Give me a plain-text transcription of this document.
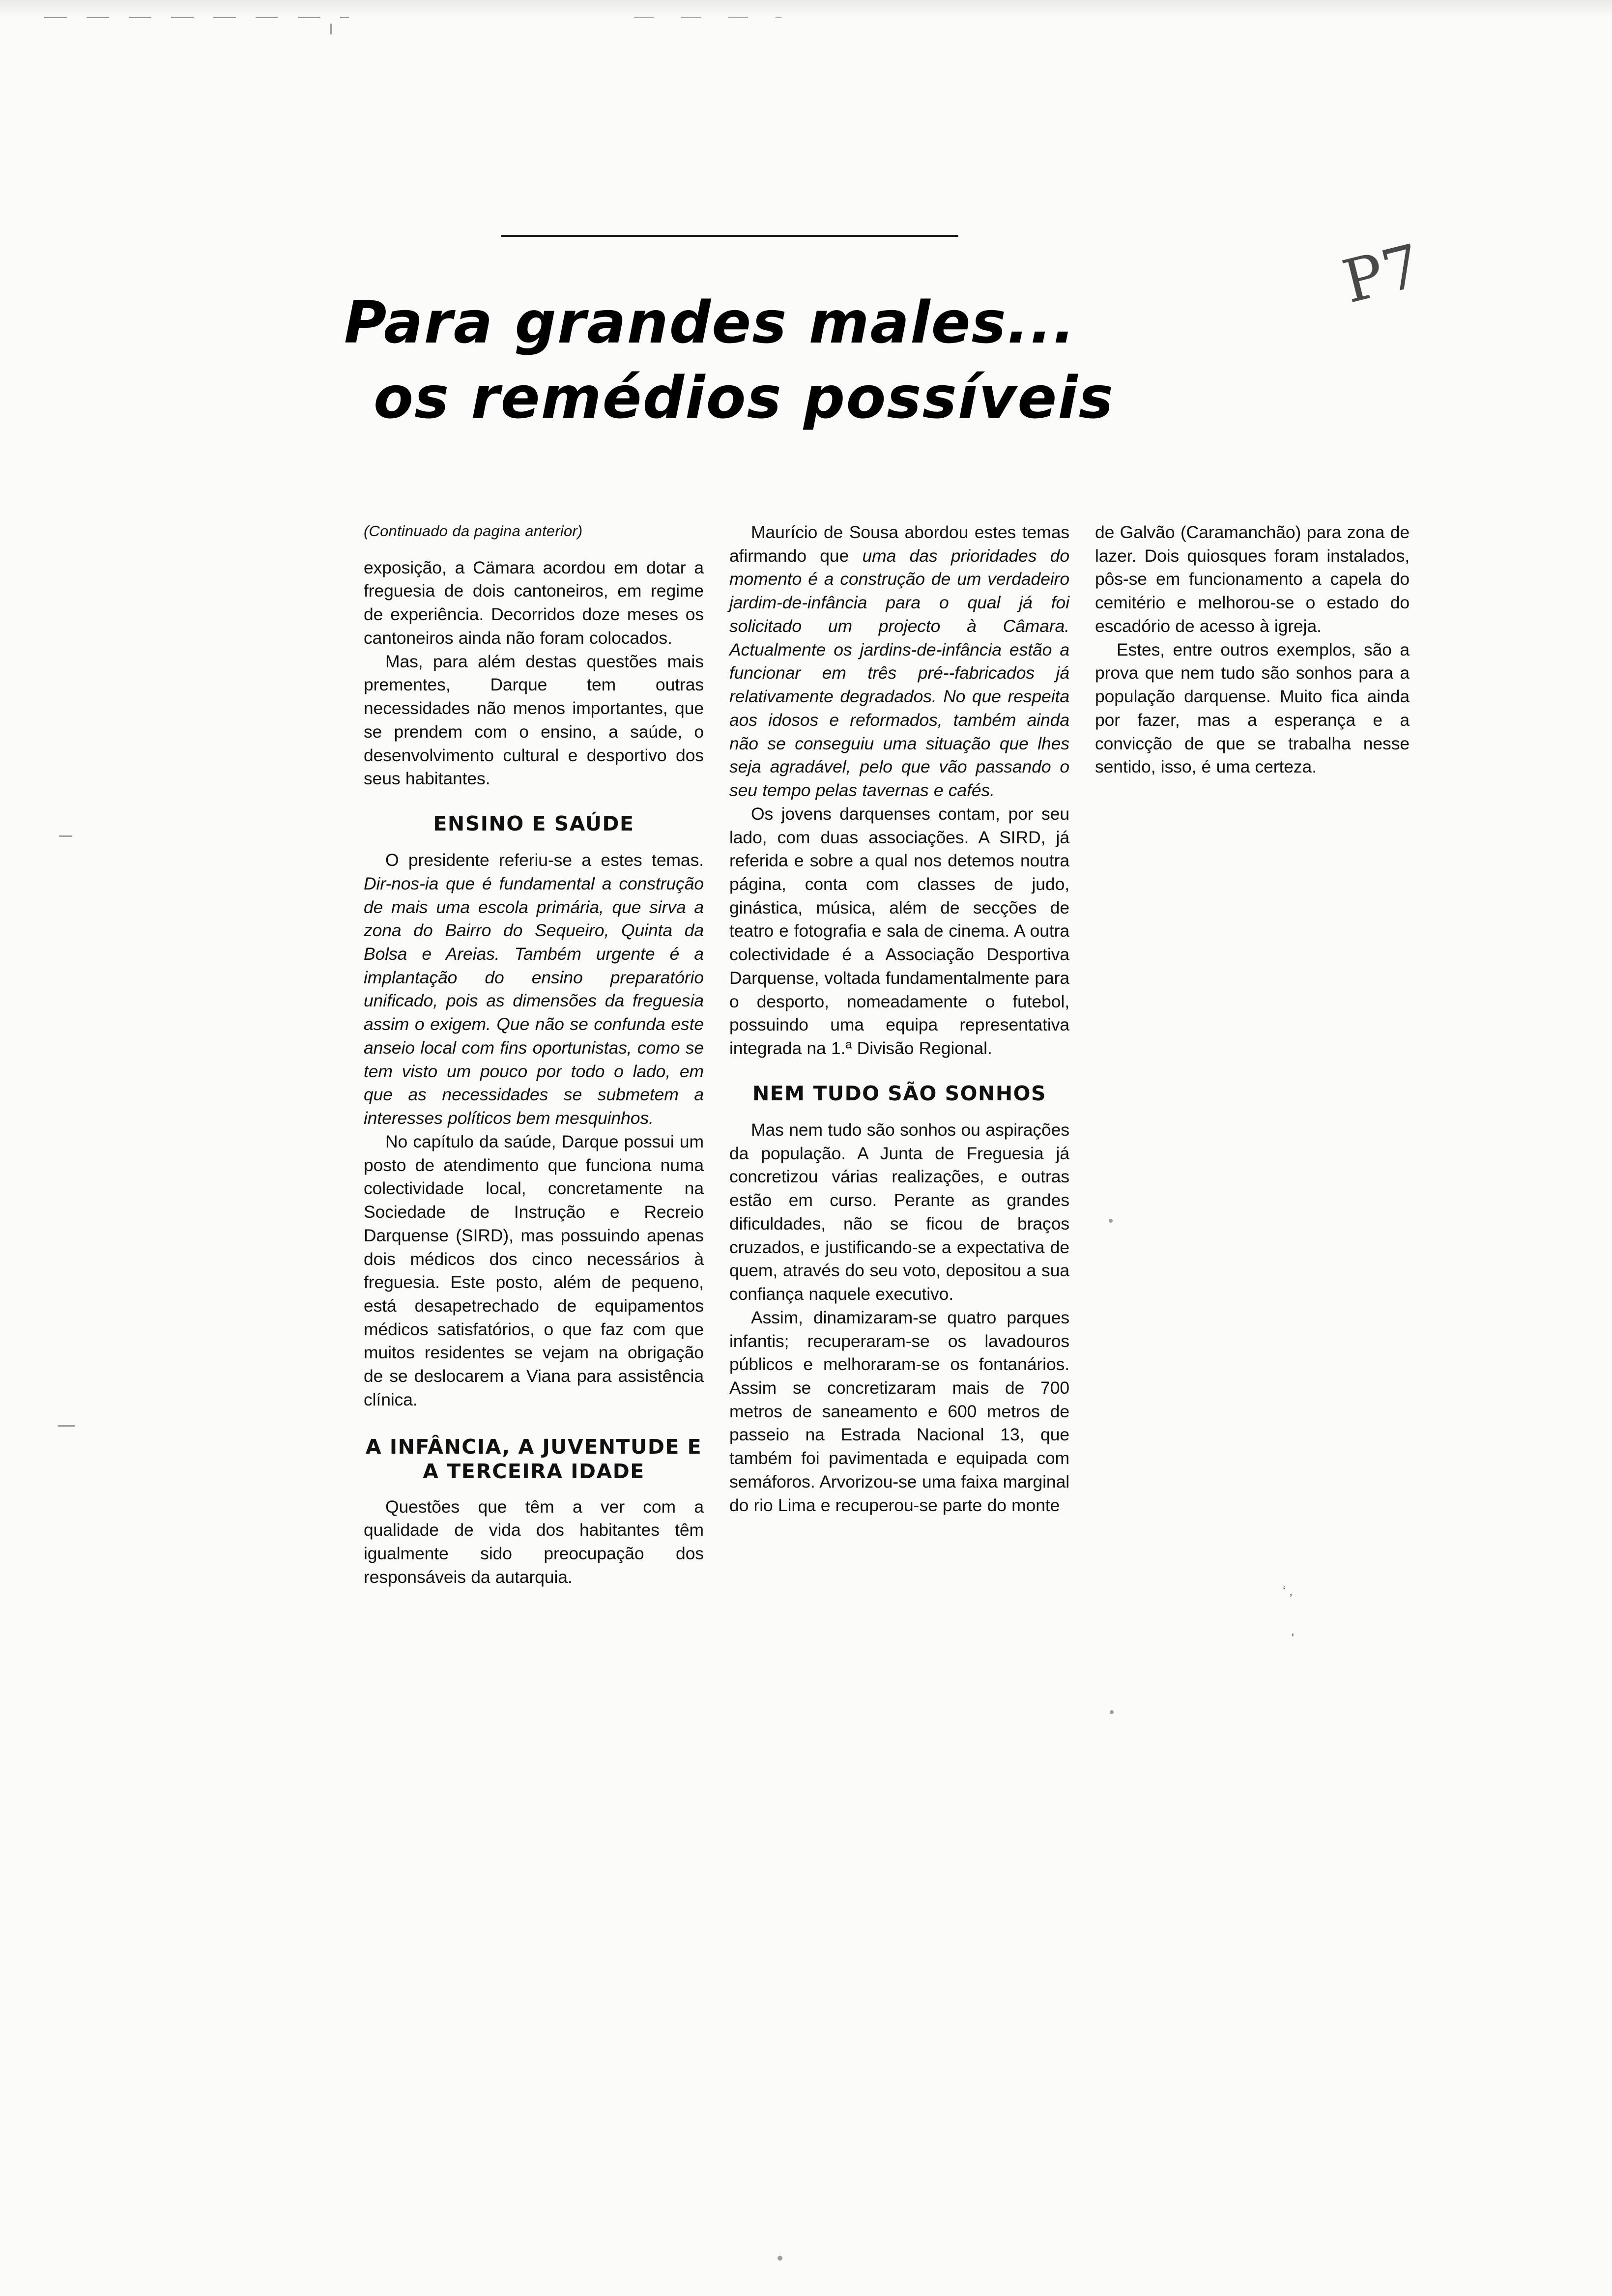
‘ ,
'
P7
Para grandes males...
os remédios possíveis

(Continuado da pagina anterior)

exposição, a Cämara acordou em dotar a freguesia de dois cantoneiros, em regime de experiência. Decorridos doze meses os cantoneiros ainda não foram colocados.

Mas, para além destas questões mais prementes, Darque tem outras necessidades não menos importantes, que se prendem com o ensino, a saúde, o desenvolvimento cultural e desportivo dos seus habitantes.

ENSINO E SAÚDE

O presidente referiu-se a estes temas. Dir-nos-ia que é fundamental a construção de mais uma escola primária, que sirva a zona do Bairro do Sequeiro, Quinta da Bolsa e Areias. Também urgente é a implantação do ensino preparatório unificado, pois as dimensões da freguesia assim o exigem. Que não se confunda este anseio local com fins oportunistas, como se tem visto um pouco por todo o lado, em que as necessidades se submetem a interesses políticos bem mesquinhos.

No capítulo da saúde, Darque possui um posto de atendimento que funciona numa colectividade local, concretamente na Sociedade de Instrução e Recreio Darquense (SIRD), mas possuindo apenas dois médicos dos cinco necessários à freguesia. Este posto, além de pequeno, está desapetrechado de equipamentos médicos satisfatórios, o que faz com que muitos residentes se vejam na obrigação de se deslocarem a Viana para assistência clínica.

A INFÂNCIA, A JUVENTUDE E A TERCEIRA IDADE

Questões que têm a ver com a qualidade de vida dos habitantes têm igualmente sido preocupação dos responsáveis da autarquia.

Maurício de Sousa abordou estes temas afirmando que uma das prioridades do momento é a construção de um verdadeiro jardim-de-infância para o qual já foi solicitado um projecto à Câmara. Actualmente os jardins-de-infância estão a funcionar em três pré--fabricados já relativamente degradados. No que respeita aos idosos e reformados, também ainda não se conseguiu uma situação que lhes seja agradável, pelo que vão passando o seu tempo pelas tavernas e cafés.

Os jovens darquenses contam, por seu lado, com duas associações. A SIRD, já referida e sobre a qual nos detemos noutra página, conta com classes de judo, ginástica, música, além de secções de teatro e fotografia e sala de cinema. A outra colectividade é a Associação Desportiva Darquense, voltada fundamentalmente para o desporto, nomeadamente o futebol, possuindo uma equipa representativa integrada na 1.ª Divisão Regional.

NEM TUDO SÃO SONHOS

Mas nem tudo são sonhos ou aspirações da população. A Junta de Freguesia já concretizou várias realizações, e outras estão em curso. Perante as grandes dificuldades, não se ficou de braços cruzados, e justificando-se a expectativa de quem, através do seu voto, depositou a sua confiança naquele executivo.

Assim, dinamizaram-se quatro parques infantis; recuperaram-se os lavadouros públicos e melhoraram-se os fontanários. Assim se concretizaram mais de 700 metros de saneamento e 600 metros de passeio na Estrada Nacional 13, que também foi pavimentada e equipada com semáforos. Arvorizou-se uma faixa marginal do rio Lima e recuperou-se parte do monte

de Galvão (Caramanchão) para zona de lazer. Dois quiosques foram instalados, pôs-se em funcionamento a capela do cemitério e melhorou-se o estado do escadório de acesso à igreja.

Estes, entre outros exemplos, são a prova que nem tudo são sonhos para a população darquense. Muito fica ainda por fazer, mas a esperança e a convicção de que se trabalha nesse sentido, isso, é uma certeza.
